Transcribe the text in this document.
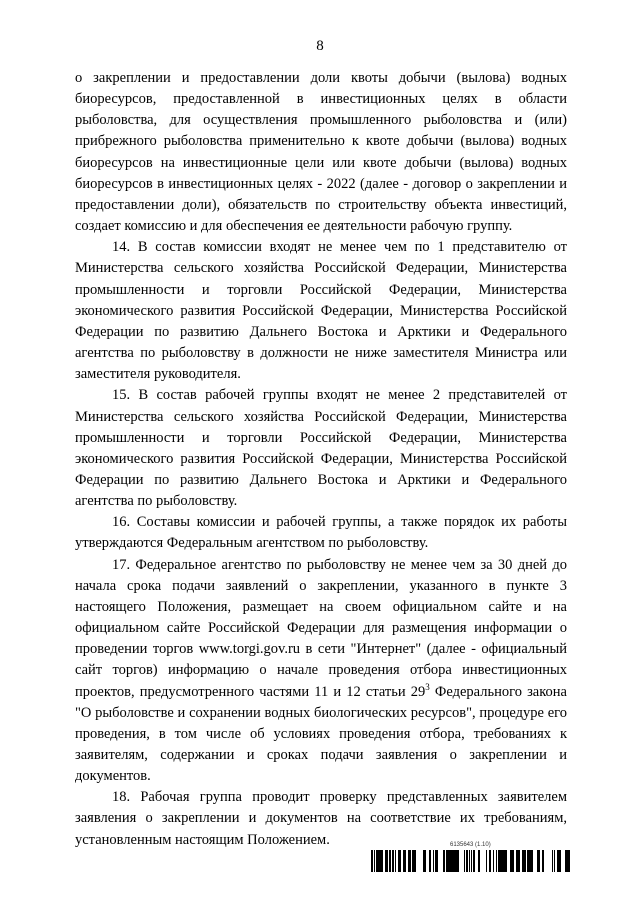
8

о закреплении и предоставлении доли квоты добычи (вылова) водных биоресурсов, предоставленной в инвестиционных целях в области рыболовства, для осуществления промышленного рыболовства и (или) прибрежного рыболовства применительно к квоте добычи (вылова) водных биоресурсов на инвестиционные цели или квоте добычи (вылова) водных биоресурсов в инвестиционных целях - 2022 (далее - договор о закреплении и предоставлении доли), обязательств по строительству объекта инвестиций, создает комиссию и для обеспечения ее деятельности рабочую группу.

14. В состав комиссии входят не менее чем по 1 представителю от Министерства сельского хозяйства Российской Федерации, Министерства промышленности и торговли Российской Федерации, Министерства экономического развития Российской Федерации, Министерства Российской Федерации по развитию Дальнего Востока и Арктики и Федерального агентства по рыболовству в должности не ниже заместителя Министра или заместителя руководителя.

15. В состав рабочей группы входят не менее 2 представителей от Министерства сельского хозяйства Российской Федерации, Министерства промышленности и торговли Российской Федерации, Министерства экономического развития Российской Федерации, Министерства Российской Федерации по развитию Дальнего Востока и Арктики и Федерального агентства по рыболовству.

16. Составы комиссии и рабочей группы, а также порядок их работы утверждаются Федеральным агентством по рыболовству.

17. Федеральное агентство по рыболовству не менее чем за 30 дней до начала срока подачи заявлений о закреплении, указанного в пункте 3 настоящего Положения, размещает на своем официальном сайте и на официальном сайте Российской Федерации для размещения информации о проведении торгов www.torgi.gov.ru в сети "Интернет" (далее - официальный сайт торгов) информацию о начале проведения отбора инвестиционных проектов, предусмотренного частями 11 и 12 статьи $29^3$ Федерального закона "О рыболовстве и сохранении водных биологических ресурсов", процедуре его проведения, в том числе об условиях проведения отбора, требованиях к заявителям, содержании и сроках подачи заявления о закреплении и документов.

18. Рабочая группа проводит проверку представленных заявителем заявления о закреплении и документов на соответствие их требованиям, установленным настоящим Положением.	6135643 (1.10)
